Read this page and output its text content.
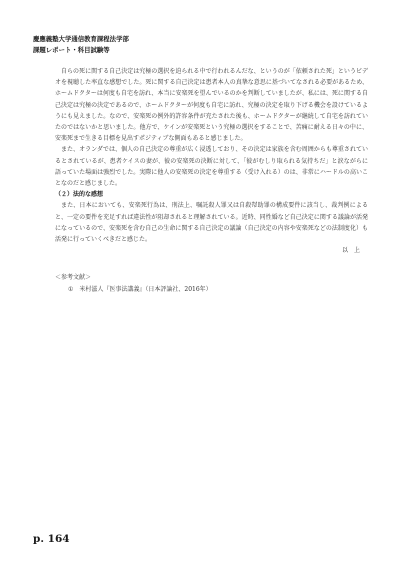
慶應義塾大学通信教育課程法学部
課題レポート・科目試験等

自らの死に関する自己決定は究極の選択を迫られる中で行われるんだな、というのが「依頼された死」というビデオを視聴した率直な感想でした。死に関する自己決定は患者本人の真摯な意思に基づいてなされる必要があるため、ホームドクターは何度も自宅を訪れ、本当に安楽死を望んでいるのかを判断していましたが、私には、死に関する自己決定は究極の決定であるので、ホームドクターが何度も自宅に訪れ、究極の決定を取り下げる機会を設けているようにも見えました。なので、安楽死の例外的許容条件が充たされた後も、ホームドクターが継続して自宅を訪れていたのではないかと思いました。他方で、ケインが安楽死という究極の選択をすることで、苦痛に耐える日々の中に、安楽死まで生きる目標を見出すポジティブな側面もあると感じました。

また、オランダでは、個人の自己決定の尊重が広く浸透しており、その決定は家族を含む周囲からも尊重されているとされているが、患者ケイスの妻が、彼の安楽死の決断に対して、「彼がむしり取られる気持ちだ」と涙ながらに語っていた場面は強烈でした。実際に他人の安楽死の決定を尊重する（受け入れる）のは、非常にハードルの高いことなのだと感じました。

（２）法的な感想

また、日本においても、安楽死行為は、刑法上、嘱託殺人罪又は自殺幇助罪の構成要件に該当し、裁判例によると、一定の要件を充足すれば違法性が阻却されると理解されている。近時、同性婚など自己決定に関する議論が活発になっているので、安楽死を含む自己の生命に関する自己決定の議論（自己決定の内容や安楽死などの法制度化）も活発に行っていくべきだと感じた。

以上

＜参考文献＞

① 米村滋人『医事法講義』（日本評論社、2016年）

p. 164
